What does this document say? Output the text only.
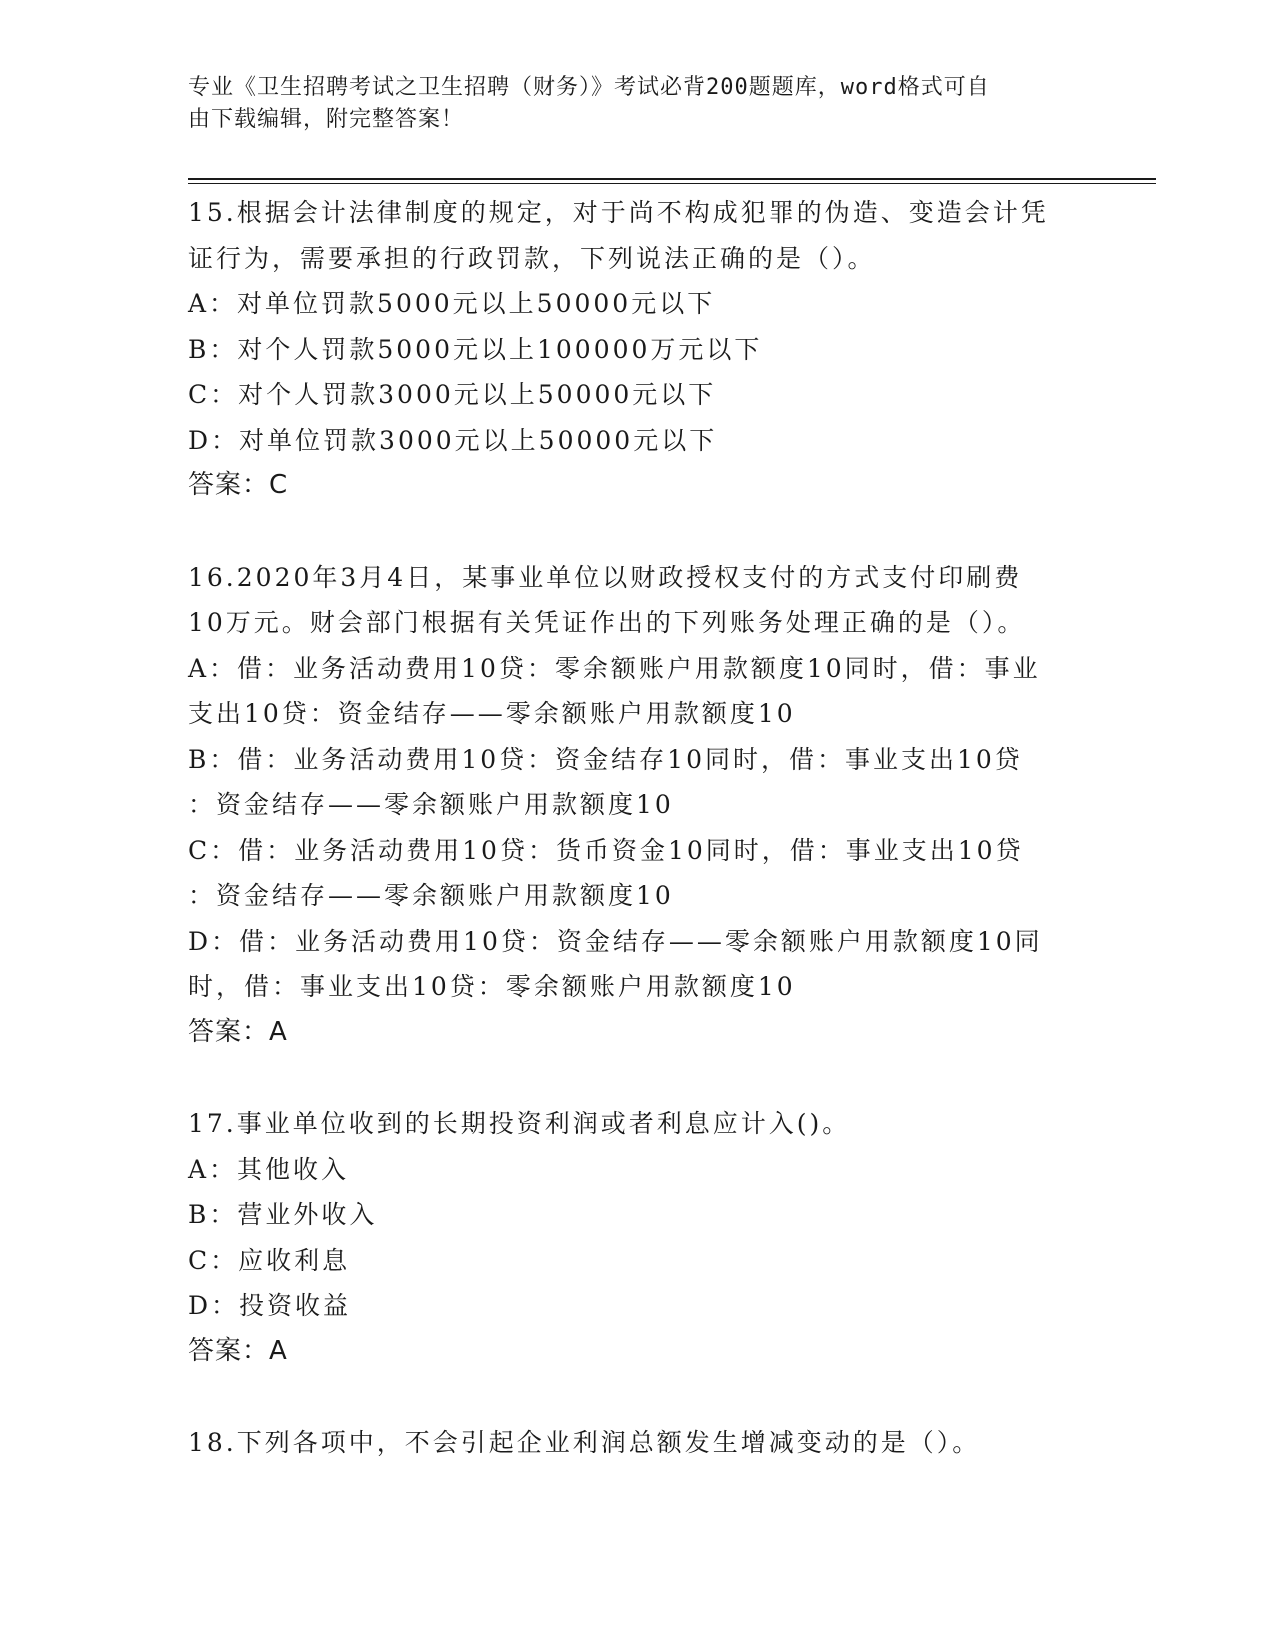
专业《卫生招聘考试之卫生招聘（财务）》考试必背200题题库，word格式可自
由下载编辑，附完整答案！
15.根据会计法律制度的规定，对于尚不构成犯罪的伪造、变造会计凭
证行为，需要承担的行政罚款，下列说法正确的是（）。
A：对单位罚款5000元以上50000元以下
B：对个人罚款5000元以上100000万元以下
C：对个人罚款3000元以上50000元以下
D：对单位罚款3000元以上50000元以下
答案：C
16.2020年3月4日，某事业单位以财政授权支付的方式支付印刷费
10万元。财会部门根据有关凭证作出的下列账务处理正确的是（）。
A：借：业务活动费用10贷：零余额账户用款额度10同时，借：事业
支出10贷：资金结存——零余额账户用款额度10
B：借：业务活动费用10贷：资金结存10同时，借：事业支出10贷
：资金结存——零余额账户用款额度10
C：借：业务活动费用10贷：货币资金10同时，借：事业支出10贷
：资金结存——零余额账户用款额度10
D：借：业务活动费用10贷：资金结存——零余额账户用款额度10同
时，借：事业支出10贷：零余额账户用款额度10
答案：A
17.事业单位收到的长期投资利润或者利息应计入()。
A：其他收入
B：营业外收入
C：应收利息
D：投资收益
答案：A
18.下列各项中，不会引起企业利润总额发生增减变动的是（）。
